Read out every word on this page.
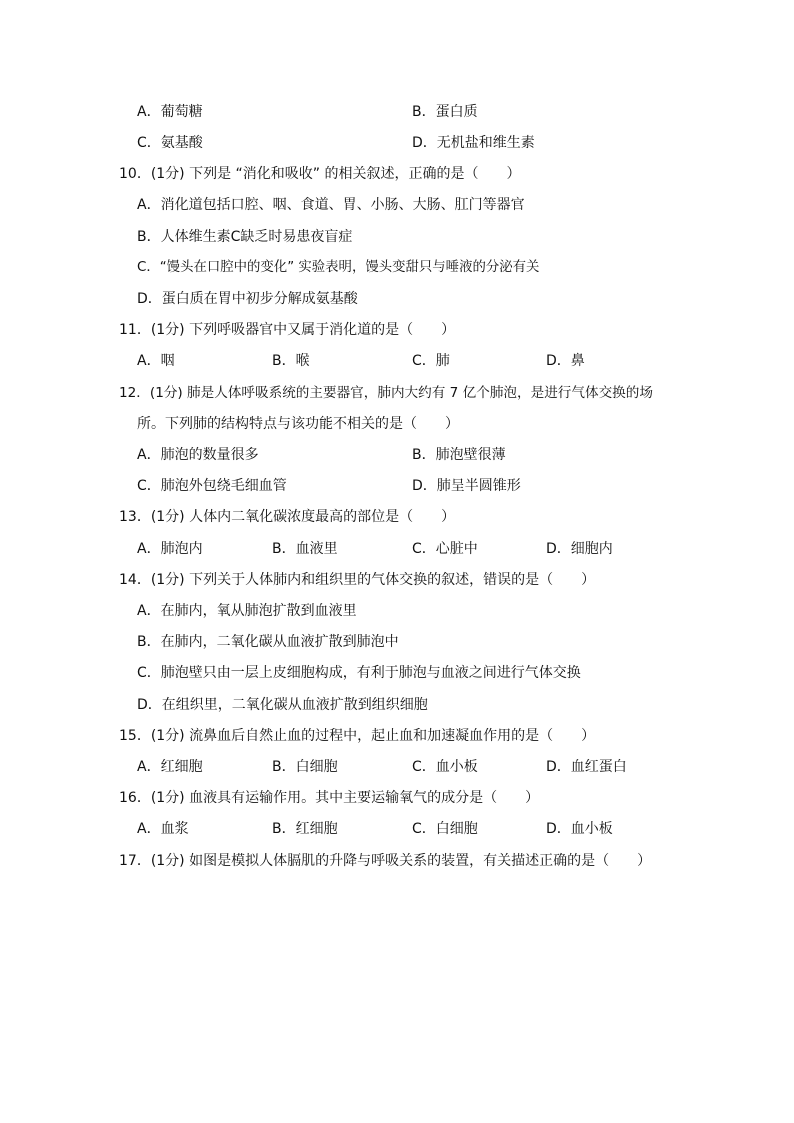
A．葡萄糖	B．蛋白质
C．氨基酸	D．无机盐和维生素
10．(1分) 下列是 “消化和吸收” 的相关叙述，正确的是（　　）
A．消化道包括口腔、咽、食道、胃、小肠、大肠、肛门等器官
B．人体维生素C缺乏时易患夜盲症
C．“馒头在口腔中的变化” 实验表明，馒头变甜只与唾液的分泌有关
D．蛋白质在胃中初步分解成氨基酸
11．(1分) 下列呼吸器官中又属于消化道的是（　　）
A．咽	B．喉	C．肺	D．鼻
12．(1分) 肺是人体呼吸系统的主要器官，肺内大约有 7 亿个肺泡，是进行气体交换的场
所。下列肺的结构特点与该功能不相关的是（　　）
A．肺泡的数量很多	B．肺泡壁很薄
C．肺泡外包绕毛细血管	D．肺呈半圆锥形
13．(1分) 人体内二氧化碳浓度最高的部位是（　　）
A．肺泡内	B．血液里	C．心脏中	D．细胞内
14．(1分) 下列关于人体肺内和组织里的气体交换的叙述，错误的是（　　）
A．在肺内，氧从肺泡扩散到血液里
B．在肺内，二氧化碳从血液扩散到肺泡中
C．肺泡壁只由一层上皮细胞构成，有利于肺泡与血液之间进行气体交换
D．在组织里，二氧化碳从血液扩散到组织细胞
15．(1分) 流鼻血后自然止血的过程中，起止血和加速凝血作用的是（　　）
A．红细胞	B．白细胞	C．血小板	D．血红蛋白
16．(1分) 血液具有运输作用。其中主要运输氧气的成分是（　　）
A．血浆	B．红细胞	C．白细胞	D．血小板
17．(1分) 如图是模拟人体膈肌的升降与呼吸关系的装置，有关描述正确的是（　　）
